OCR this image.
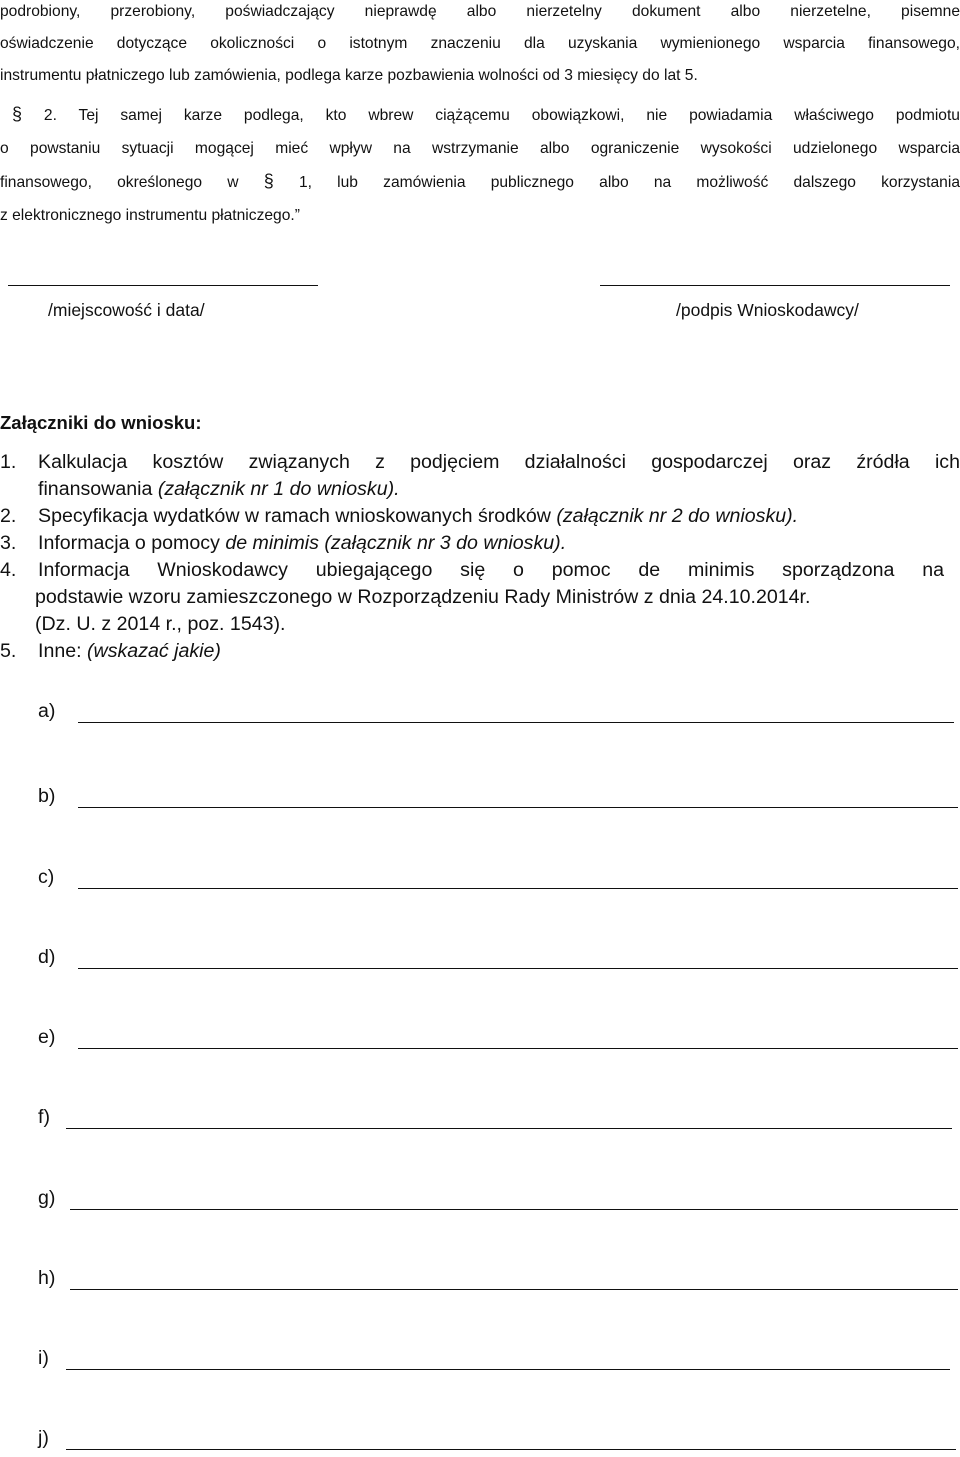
podrobiony, przerobiony, poświadczający nieprawdę albo nierzetelny dokument albo nierzetelne, pisemne
oświadczenie dotyczące okoliczności o istotnym znaczeniu dla uzyskania wymienionego wsparcia finansowego,
instrumentu płatniczego lub zamówienia, podlega karze pozbawienia wolności od 3 miesięcy do lat 5.
§ 2. Tej samej karze podlega, kto wbrew ciążącemu obowiązkowi, nie powiadamia właściwego podmiotu
o powstaniu sytuacji mogącej mieć wpływ na wstrzymanie albo ograniczenie wysokości udzielonego wsparcia
finansowego, określonego w § 1, lub zamówienia publicznego albo na możliwość dalszego korzystania
z elektronicznego instrumentu płatniczego.”
/miejscowość i data/	/podpis Wnioskodawcy/
Załączniki do wniosku:
1. Kalkulacja kosztów związanych z podjęciem działalności gospodarczej oraz źródła ich
finansowania (załącznik nr 1 do wniosku).
2. Specyfikacja wydatków w ramach wnioskowanych środków (załącznik nr 2 do wniosku).
3. Informacja o pomocy de minimis (załącznik nr 3 do wniosku).
4. Informacja Wnioskodawcy ubiegającego się o pomoc de minimis sporządzona na
podstawie wzoru zamieszczonego w Rozporządzeniu Rady Ministrów z dnia 24.10.2014r.
(Dz. U. z 2014 r., poz. 1543).
5. Inne: (wskazać jakie)
a)
b)
c)
d)
e)
f)
g)
h)
i)
j)
